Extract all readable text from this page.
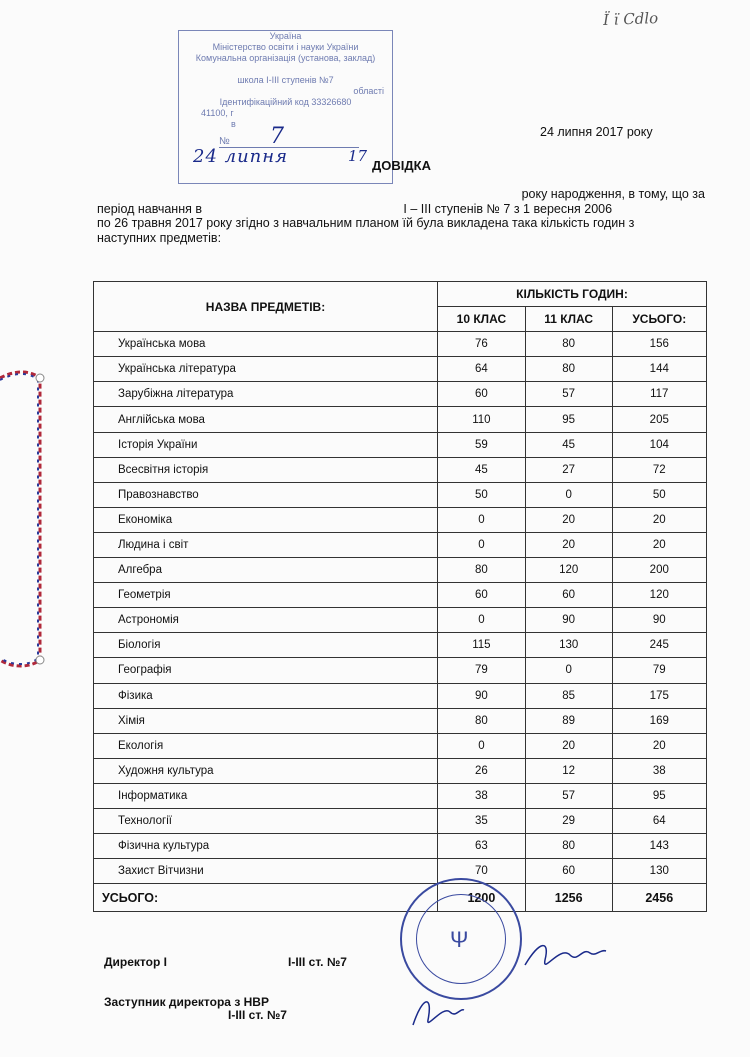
Ї ї Cdlo
Україна
Міністерство освіти і науки України
Комунальна організація (установа, заклад)

школа І-ІІІ ступенів №7
області
Ідентифікаційний код 33326680
41100, г
в
№	7
24 липня	17
24 липня 2017 року
ДОВІДКА
року народження, в тому, що за
період навчання в                                                          І – ІІІ ступенів № 7 з 1 вересня 2006
по 26 травня 2017 року згідно з навчальним планом їй була викладена така кількість годин з
наступних предметів:
НАЗВА ПРЕДМЕТІВ:	КІЛЬКІСТЬ ГОДИН:		
	10 КЛАС	11 КЛАС	УСЬОГО:
Українська мова	76	80	156
Українська література	64	80	144
Зарубіжна література	60	57	117
Англійська мова	110	95	205
Історія України	59	45	104
Всесвітня історія	45	27	72
Правознавство	50	0	50
Економіка	0	20	20
Людина і світ	0	20	20
Алгебра	80	120	200
Геометрія	60	60	120
Астрономія	0	90	90
Біологія	115	130	245
Географія	79	0	79
Фізика	90	85	175
Хімія	80	89	169
Екологія	0	20	20
Художня культура	26	12	38
Інформатика	38	57	95
Технології	35	29	64
Фізична культура	63	80	143
Захист Вітчизни	70	60	130
УСЬОГО:	1200	1256	2456
Директор І	І-ІІІ ст. №7
Заступник директора з НВР
І-ІІІ ст. №7
Ψ
